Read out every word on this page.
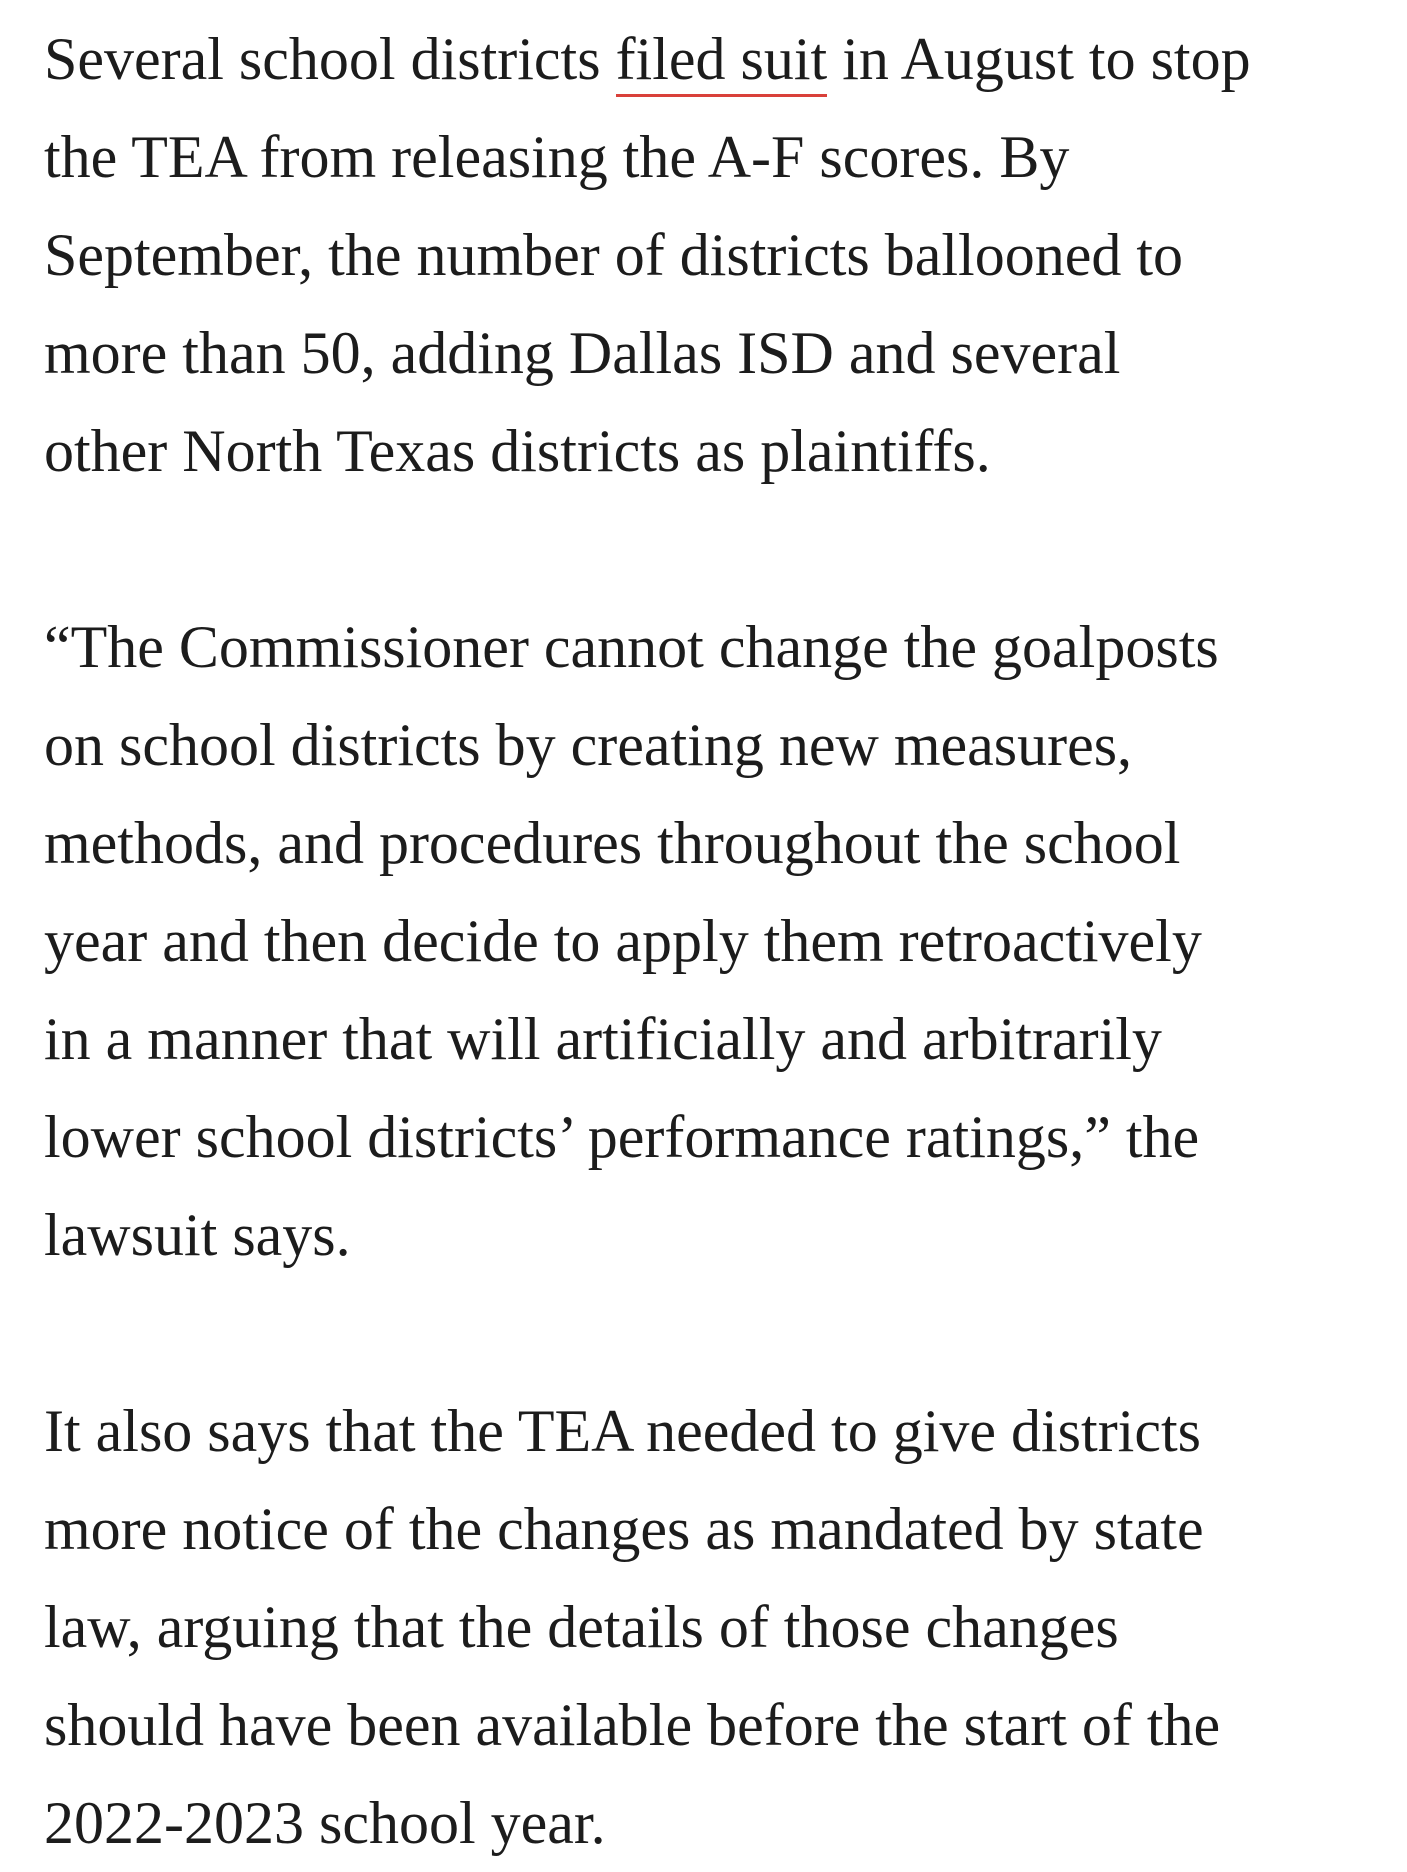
Several school districts filed suit in August to stop
the TEA from releasing the A-F scores. By
September, the number of districts ballooned to
more than 50, adding Dallas ISD and several
other North Texas districts as plaintiffs.

“The Commissioner cannot change the goalposts
on school districts by creating new measures,
methods, and procedures throughout the school
year and then decide to apply them retroactively
in a manner that will artificially and arbitrarily
lower school districts’ performance ratings,” the
lawsuit says.

It also says that the TEA needed to give districts
more notice of the changes as mandated by state
law, arguing that the details of those changes
should have been available before the start of the
2022-2023 school year.
